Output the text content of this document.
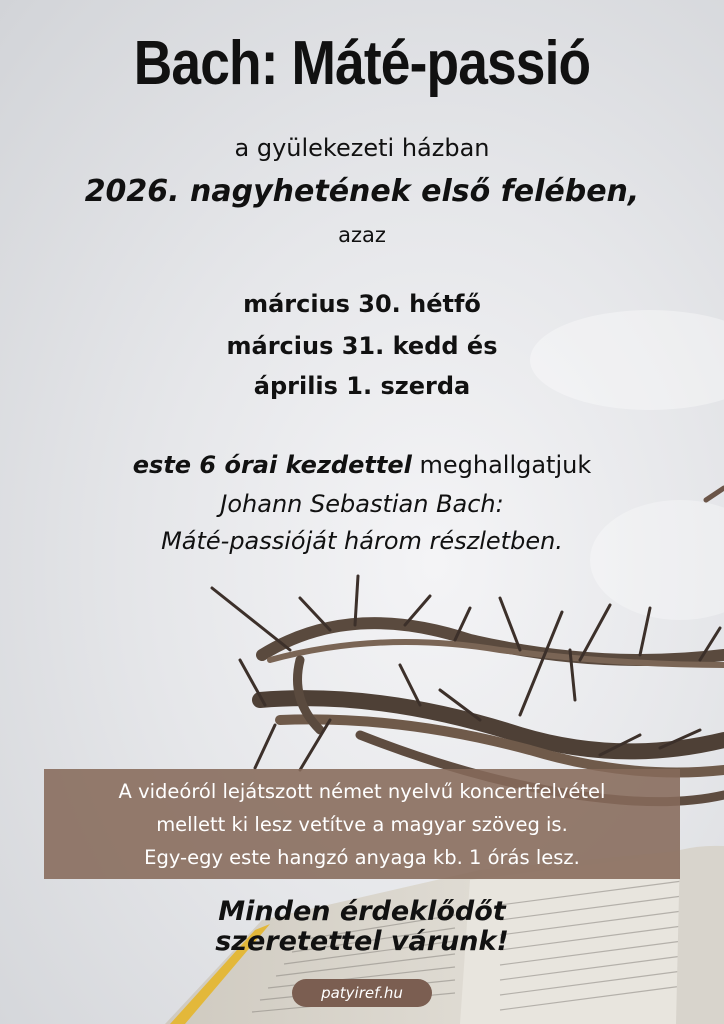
Bach: Máté-passió
a gyülekezeti házban
2026. nagyhetének első felében,
azaz
március 30. hétfő
március 31. kedd és
április 1. szerda
este 6 órai kezdettel meghallgatjuk
Johann Sebastian Bach:
Máté-passióját három részletben.
A videóról lejátszott német nyelvű koncertfelvétel
mellett ki lesz vetítve a magyar szöveg is.
Egy-egy este hangzó anyaga kb. 1 órás lesz.
Minden érdeklődőt
szeretettel várunk!
patyiref.hu
